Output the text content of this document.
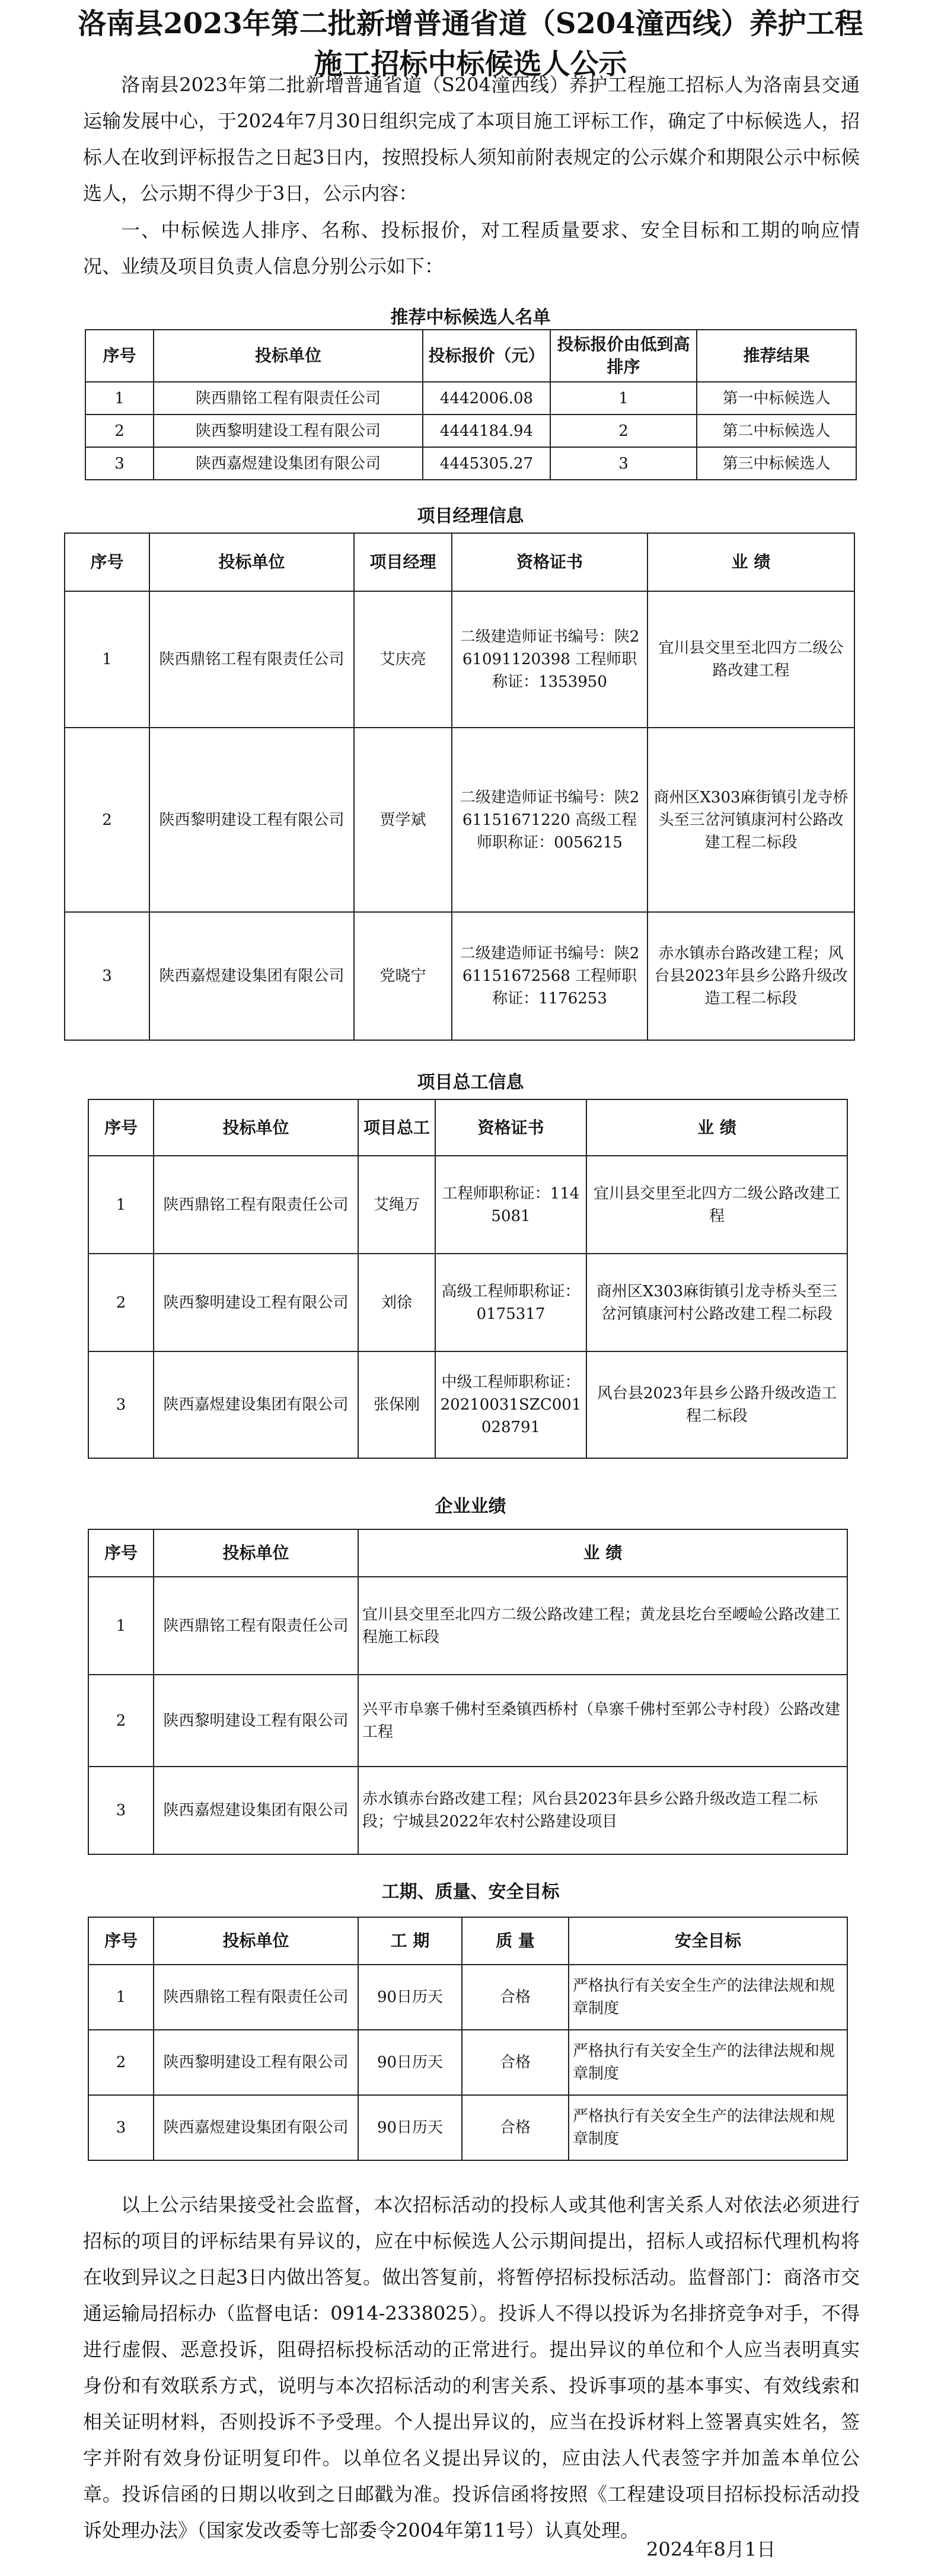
洛南县2023年第二批新增普通省道（S204潼西线）养护工程
施工招标中标候选人公示

洛南县2023年第二批新增普通省道（S204潼西线）养护工程施工招标人为洛南县交通运输发展中心，于2024年7月30日组织完成了本项目施工评标工作，确定了中标候选人，招标人在收到评标报告之日起3日内，按照投标人须知前附表规定的公示媒介和期限公示中标候选人，公示期不得少于3日，公示内容：

一、中标候选人排序、名称、投标报价，对工程质量要求、安全目标和工期的响应情况、业绩及项目负责人信息分别公示如下：

推荐中标候选人名单
序号	投标单位	投标报价（元）	投标报价由低到高排序	推荐结果
1	陕西鼎铭工程有限责任公司	4442006.08	1	第一中标候选人
2	陕西黎明建设工程有限公司	4444184.94	2	第二中标候选人
3	陕西嘉煜建设集团有限公司	4445305.27	3	第三中标候选人
项目经理信息
序号	投标单位	项目经理	资格证书	业 绩
1	陕西鼎铭工程有限责任公司	艾庆亮	二级建造师证书编号：陕261091120398 工程师职称证：1353950	宜川县交里至北四方二级公路改建工程
2	陕西黎明建设工程有限公司	贾学斌	二级建造师证书编号：陕261151671220 高级工程师职称证：0056215	商州区X303麻街镇引龙寺桥头至三岔河镇康河村公路改建工程二标段
3	陕西嘉煜建设集团有限公司	党晓宁	二级建造师证书编号：陕261151672568 工程师职称证：1176253	赤水镇赤台路改建工程；风台县2023年县乡公路升级改造工程二标段
项目总工信息
序号	投标单位	项目总工	资格证书	业 绩
1	陕西鼎铭工程有限责任公司	艾绳万	工程师职称证：1145081	宜川县交里至北四方二级公路改建工程
2	陕西黎明建设工程有限公司	刘徐	高级工程师职称证：0175317	商州区X303麻街镇引龙寺桥头至三岔河镇康河村公路改建工程二标段
3	陕西嘉煜建设集团有限公司	张保刚	中级工程师职称证：20210031SZC001028791	风台县2023年县乡公路升级改造工程二标段
企业业绩
序号	投标单位	业 绩
1	陕西鼎铭工程有限责任公司	宜川县交里至北四方二级公路改建工程；黄龙县圪台至崾崄公路改建工程施工标段
2	陕西黎明建设工程有限公司	兴平市阜寨千佛村至桑镇西桥村（阜寨千佛村至郭公寺村段）公路改建工程
3	陕西嘉煜建设集团有限公司	赤水镇赤台路改建工程；风台县2023年县乡公路升级改造工程二标段；宁城县2022年农村公路建设项目
工期、质量、安全目标
序号	投标单位	工 期	质 量	安全目标
1	陕西鼎铭工程有限责任公司	90日历天	合格	严格执行有关安全生产的法律法规和规章制度
2	陕西黎明建设工程有限公司	90日历天	合格	严格执行有关安全生产的法律法规和规章制度
3	陕西嘉煜建设集团有限公司	90日历天	合格	严格执行有关安全生产的法律法规和规章制度

以上公示结果接受社会监督，本次招标活动的投标人或其他利害关系人对依法必须进行招标的项目的评标结果有异议的，应在中标候选人公示期间提出，招标人或招标代理机构将在收到异议之日起3日内做出答复。做出答复前，将暂停招标投标活动。监督部门：商洛市交通运输局招标办（监督电话：0914-2338025）。投诉人不得以投诉为名排挤竞争对手，不得进行虚假、恶意投诉，阻碍招标投标活动的正常进行。提出异议的单位和个人应当表明真实身份和有效联系方式，说明与本次招标活动的利害关系、投诉事项的基本事实、有效线索和相关证明材料，否则投诉不予受理。个人提出异议的，应当在投诉材料上签署真实姓名，签字并附有效身份证明复印件。以单位名义提出异议的，应由法人代表签字并加盖本单位公章。投诉信函的日期以收到之日邮戳为准。投诉信函将按照《工程建设项目招标投标活动投诉处理办法》（国家发改委等七部委令2004年第11号）认真处理。

2024年8月1日
